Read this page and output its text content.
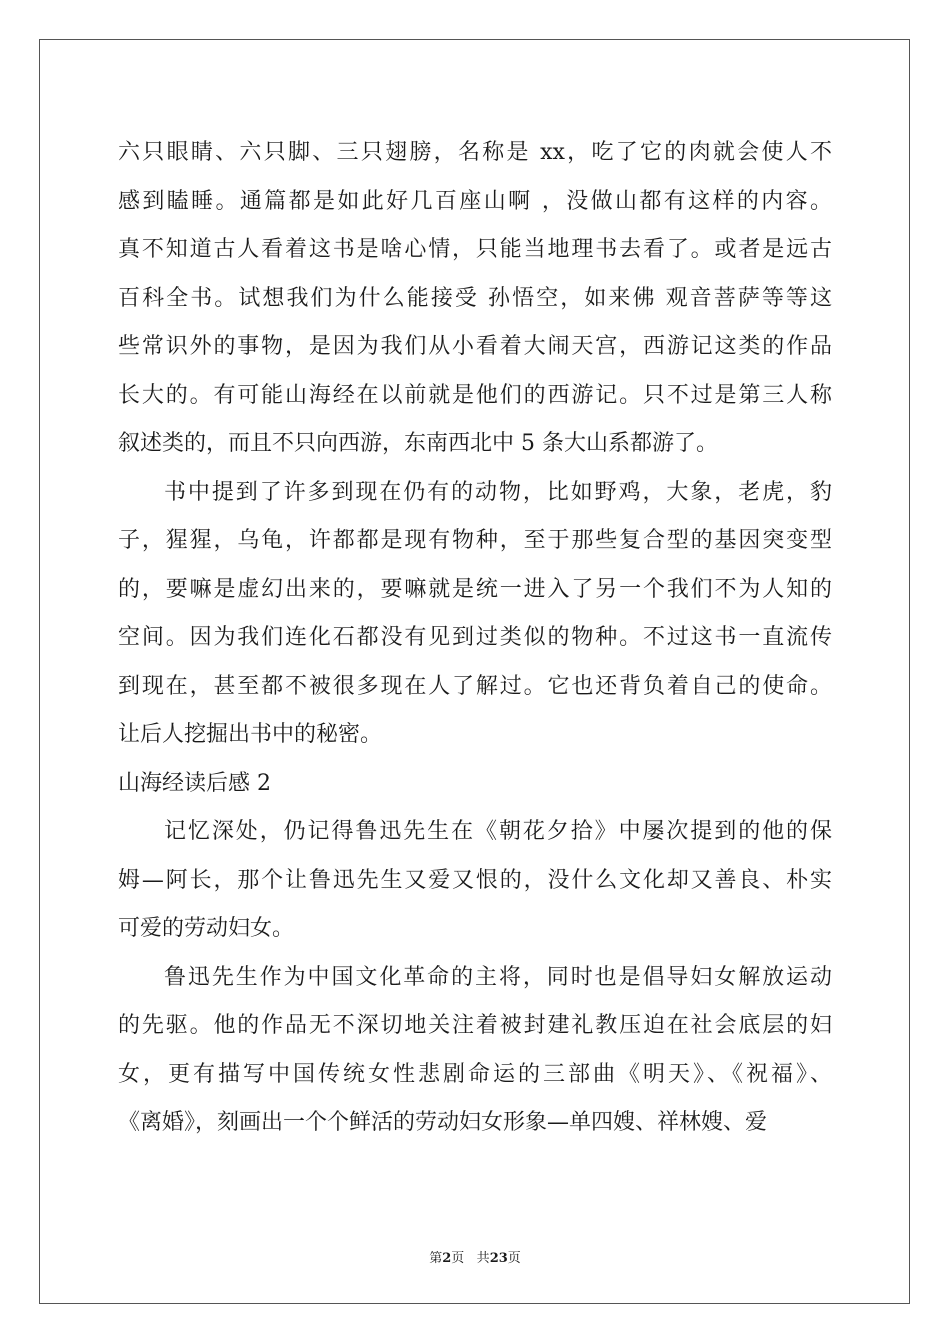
六只眼睛、六只脚、三只翅膀，名称是 xx，吃了它的肉就会使人不
感到瞌睡。通篇都是如此好几百座山啊 ，没做山都有这样的内容。
真不知道古人看着这书是啥心情，只能当地理书去看了。或者是远古
百科全书。试想我们为什么能接受 孙悟空，如来佛 观音菩萨等等这
些常识外的事物，是因为我们从小看着大闹天宫，西游记这类的作品
长大的。有可能山海经在以前就是他们的西游记。只不过是第三人称
叙述类的，而且不只向西游，东南西北中 5 条大山系都游了。
书中提到了许多到现在仍有的动物，比如野鸡，大象，老虎，豹
子，猩猩，乌龟，许都都是现有物种，至于那些复合型的基因突变型
的，要嘛是虚幻出来的，要嘛就是统一进入了另一个我们不为人知的
空间。因为我们连化石都没有见到过类似的物种。不过这书一直流传
到现在，甚至都不被很多现在人了解过。它也还背负着自己的使命。
让后人挖掘出书中的秘密。
山海经读后感 2
记忆深处，仍记得鲁迅先生在《朝花夕拾》中屡次提到的他的保
姆—阿长，那个让鲁迅先生又爱又恨的，没什么文化却又善良、朴实
可爱的劳动妇女。
鲁迅先生作为中国文化革命的主将，同时也是倡导妇女解放运动
的先驱。他的作品无不深切地关注着被封建礼教压迫在社会底层的妇
女，更有描写中国传统女性悲剧命运的三部曲《明天》、《祝福》、
《离婚》，刻画出一个个鲜活的劳动妇女形象—单四嫂、祥林嫂、爱
第2页 共23页
